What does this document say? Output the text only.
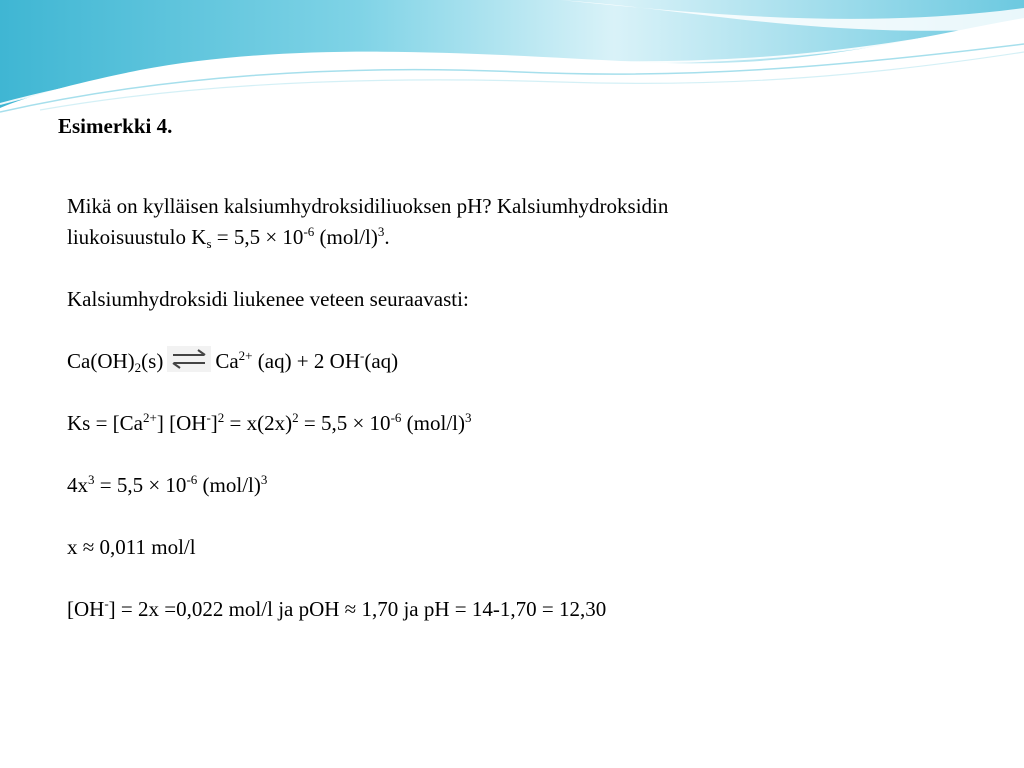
Esimerkki 4.
Mikä on kylläisen kalsiumhydroksidiliuoksen pH? Kalsiumhydroksidin
liukoisuustulo $K_s = 5,5 \times 10^{-6}$ $(mol/l)^3$.
Kalsiumhydroksidi liukenee veteen seuraavasti:
$Ca(OH)_2(s)$ $Ca^{2+}$ (aq) + 2 OH-(aq)
$Ks = [Ca^{2+}] [OH^-]^2 = x(2x)^2 = 5,5 \times 10^{-6}$ $(mol/l)^3$
$4x^3 = 5,5 \times 10^{-6}$ $(mol/l)^3$
x ≈ 0,011 mol/l
[OH-] = 2x =0,022 mol/l ja pOH ≈ 1,70 ja pH = 14-1,70 = 12,30
